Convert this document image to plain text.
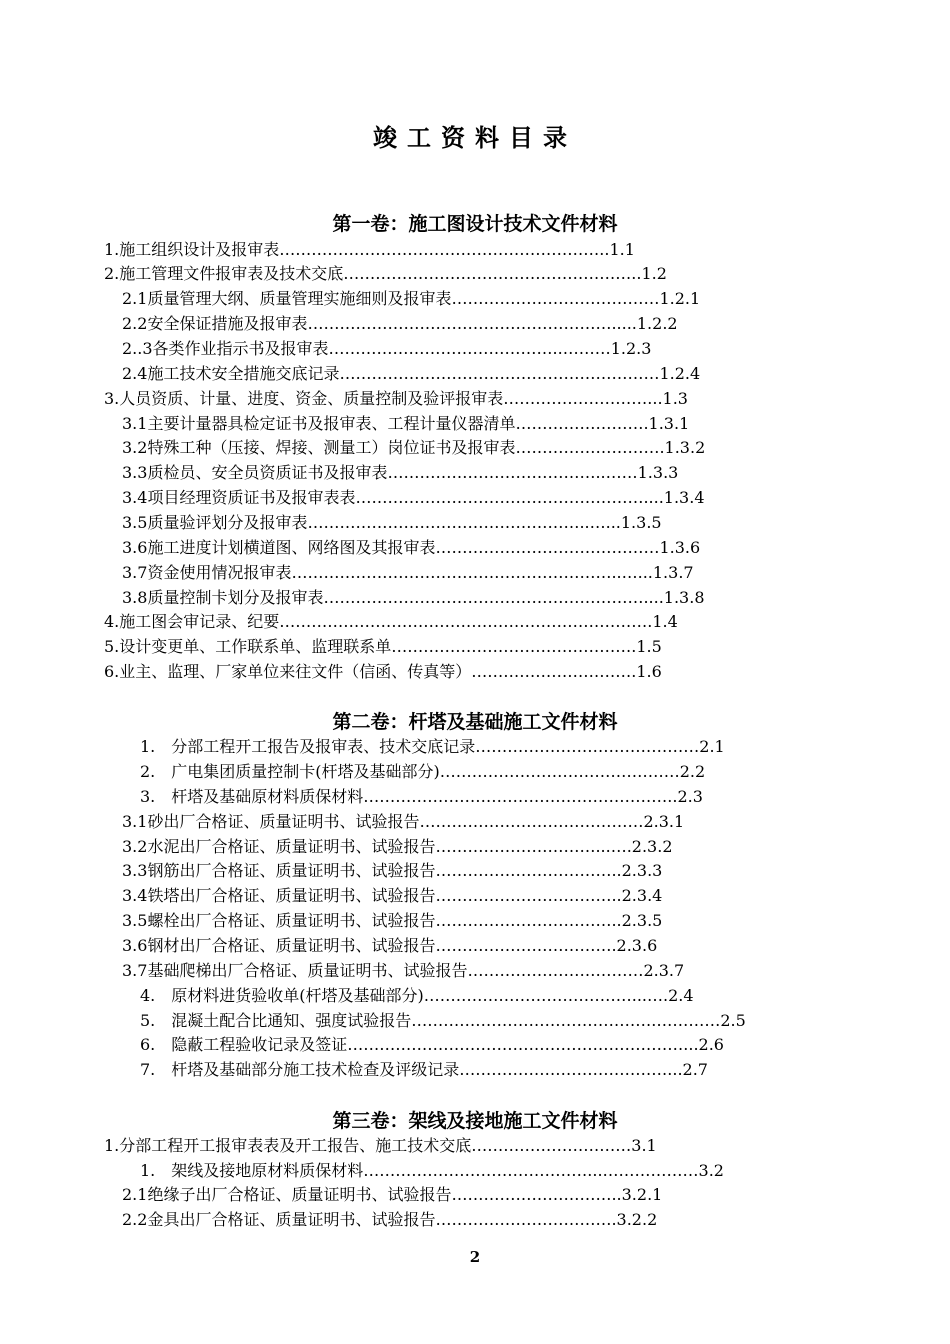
竣工资料目录
第一卷：施工图设计技术文件材料
1.施工组织设计及报审表……………………………………………………..1.1
2.施工管理文件报审表及技术交底………………………………………………..1.2
2.1质量管理大纲、质量管理实施细则及报审表…………………………………1.2.1
2.2安全保证措施及报审表………………………………………………….....1.2.2
2..3各类作业指示书及报审表……………………………………..………1.2.3
2.4施工技术安全措施交底记录……………………………………………………1.2.4
3.人员资质、计量、进度、资金、质量控制及验评报审表………………………...1.3
3.1主要计量器具检定证书及报审表、工程计量仪器清单…………………….1.3.1
3.2特殊工种（压接、焊接、测量工）岗位证书及报审表……………………….1.3.2
3.3质检员、安全员资质证书及报审表…………………………………..……1.3.3
3.4项目经理资质证书及报审表表………………………………………………....1.3.4
3.5质量验评划分及报审表……………………………………………..…...1.3.5
3.6施工进度计划横道图、网络图及其报审表……………………………………1.3.6
3.7资金使用情况报审表……………………………………………………..…...1.3.7
3.8质量控制卡划分及报审表……………………………………………………....1.3.8
4.施工图会审记录、纪要…………………………………………………………….1.4
5.设计变更单、工作联系单、监理联系单……………………………………….1.5
6.业主、监理、厂家单位来往文件（信函、传真等）………………………….1.6
第二卷：杆塔及基础施工文件材料
1.　分部工程开工报告及报审表、技术交底记录……………………………………2.1
2.　广电集团质量控制卡(杆塔及基础部分)………………………………………2.2
3.　杆塔及基础原材料质保材料…………………………………………………..2.3
3.1砂出厂合格证、质量证明书、试验报告……………………………………2.3.1
3.2水泥出厂合格证、质量证明书、试验报告…………………………...….2.3.2
3.3钢筋出厂合格证、质量证明书、试验报告……………………………..2.3.3
3.4铁塔出厂合格证、质量证明书、试验报告……………………………..2.3.4
3.5螺栓出厂合格证、质量证明书、试验报告……………………………..2.3.5
3.6钢材出厂合格证、质量证明书、试验报告…………………………….2.3.6
3.7基础爬梯出厂合格证、质量证明书、试验报告……………………………2.3.7
4.　原材料进货验收单(杆塔及基础部分)…………………………………...….2.4
5.　混凝土配合比通知、强度试验报告……………………………………….…………2.5
6.　隐蔽工程验收记录及签证………………………………………………………...2.6
7.　杆塔及基础部分施工技术检查及评级记录…………………………………...2.7
第三卷：架线及接地施工文件材料
1.分部工程开工报审表表及开工报告、施工技术交底…………………………3.1
1.　架线及接地原材料质保材料……………………………………...………………3.2
2.1绝缘子出厂合格证、质量证明书、试验报告…………………………..3.2.1
2.2金具出厂合格证、质量证明书、试验报告…………………………….3.2.2
2
